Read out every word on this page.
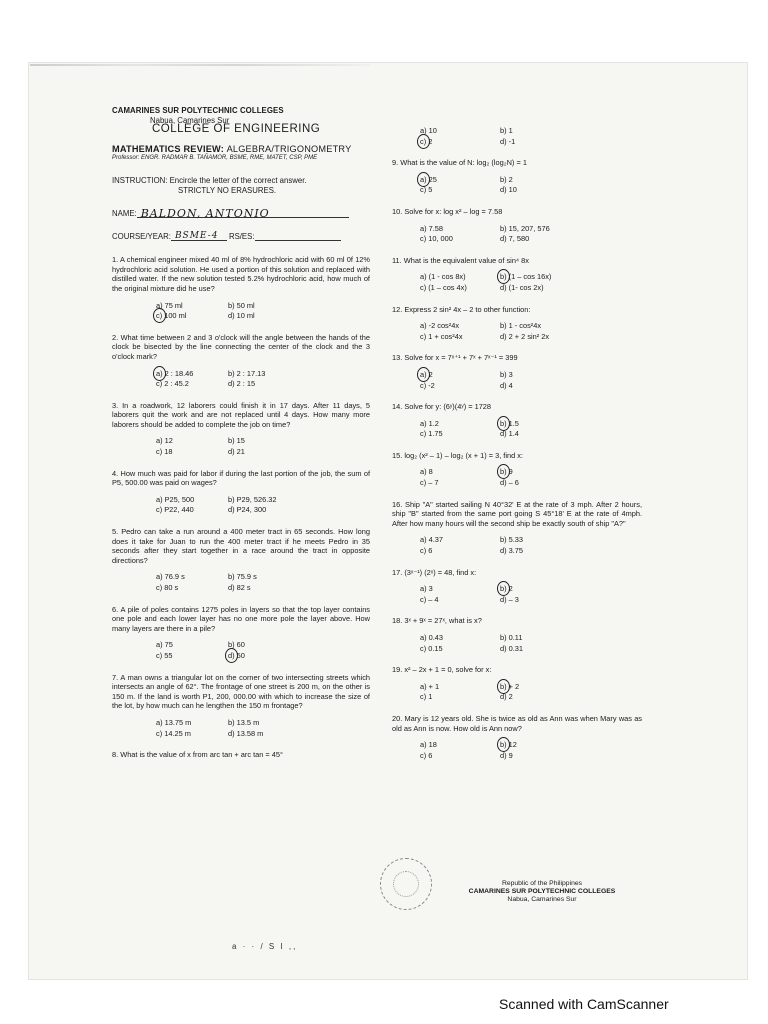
CAMARINES SUR POLYTECHNIC COLLEGES
Nabua, Camarines Sur
COLLEGE OF ENGINEERING
MATHEMATICS REVIEW: ALGEBRA/TRIGONOMETRY
Professor: ENGR. RADMAR B. TAÑAMOR, BSME, RME, MATET, CSP, PME
INSTRUCTION: Encircle the letter of the correct answer.
STRICTLY NO ERASURES.
NAME: BALDON, ANTONIO
COURSE/YEAR: BSME-4 RS/ES:
1. A chemical engineer mixed 40 ml of 8% hydrochloric acid with 60 ml 0f 12% hydrochloric acid solution. He used a portion of this solution and replaced with distilled water. If the new solution tested 5.2% hydrochloric acid, how much of the original mixture did he use?
a) 75 ml	b) 50 ml
c) 100 ml	d) 10 ml
2. What time between 2 and 3 o'clock will the angle between the hands of the clock be bisected by the line connecting the center of the clock and the 3 o'clock mark?
a) 2 : 18.46	b) 2 : 17.13
c) 2 : 45.2	d) 2 : 15
3. In a roadwork, 12 laborers could finish it in 17 days. After 11 days, 5 laborers quit the work and are not replaced until 4 days. How many more laborers should be added to complete the job on time?
a) 12	b) 15
c) 18	d) 21
4. How much was paid for labor if during the last portion of the job, the sum of P5, 500.00 was paid on wages?
a) P25, 500	b) P29, 526.32
c) P22, 440	d) P24, 300
5. Pedro can take a run around a 400 meter tract in 65 seconds. How long does it take for Juan to run the 400 meter tract if he meets Pedro in 35 seconds after they start together in a race around the tract in opposite directions?
a) 76.9 s	b) 75.9 s
c) 80 s	d) 82 s
6. A pile of poles contains 1275 poles in layers so that the top layer contains one pole and each lower layer has no one more pole the layer above. How many layers are there in a pile?
a) 75	b) 60
c) 55	d) 50
7. A man owns a triangular lot on the corner of two intersecting streets which intersects an angle of 62°. The frontage of one street is 200 m, on the other is 150 m. If the land is worth P1, 200, 000.00 with which to increase the size of the lot, by how much can he lengthen the 150 m frontage?
a) 13.75 m	b) 13.5 m
c) 14.25 m	d) 13.58 m
8. What is the value of x from arc tan + arc tan = 45°
a) 10	b) 1
c) 2	d) -1
9. What is the value of N: log₂ (log₂N) = 1
a) 25	b) 2
c) 5	d) 10
10. Solve for x: log x² – log = 7.58
a) 7.58	b) 15, 207, 576
c) 10, 000	d) 7, 580
11. What is the equivalent value of sin⁴ 8x
a) (1 - cos 8x)	b) (1 – cos 16x)
c) (1 – cos 4x)	d) (1- cos 2x)
12. Express 2 sin² 4x – 2 to other function:
a) -2 cos²4x	b) 1 - cos²4x
c) 1 + cos²4x	d) 2 + 2 sin² 2x
13. Solve for x = 7ˣ⁺¹ + 7ˣ + 7ˣ⁻¹ = 399
a) 2	b) 3
c) -2	d) 4
14. Solve for y: (6ʸ)(4ʸ) = 1728
a) 1.2	b) 1.5
c) 1.75	d) 1.4
15. log₂ (x² – 1) – log₂ (x + 1) = 3, find x:
a) 8	b) 9
c) – 7	d) – 6
16. Ship "A" started sailing N 40°32' E at the rate of 3 mph. After 2 hours, ship "B" started from the same port going S 45°18' E at the rate of 4mph. After how many hours will the second ship be exactly south of ship "A?"
a) 4.37	b) 5.33
c) 6	d) 3.75
17. (3ˣ⁻¹) (2ˣ) = 48, find x:
a) 3	b) 2
c) – 4	d) – 3
18. 3ˣ + 9ˣ = 27ˣ, what is x?
a) 0.43	b) 0.11
c) 0.15	d) 0.31
19. x² – 2x + 1 = 0, solve for x:
a) + 1	b) + 2
c) 1	d) 2
20. Mary is 12 years old. She is twice as old as Ann was when Mary was as old as Ann is now. How old is Ann now?
a) 18	b) 12
c) 6	d) 9
Republic of the Philippines
CAMARINES SUR POLYTECHNIC COLLEGES
Nabua, Camarines Sur
a · · / S I ,,
Scanned with CamScanner
